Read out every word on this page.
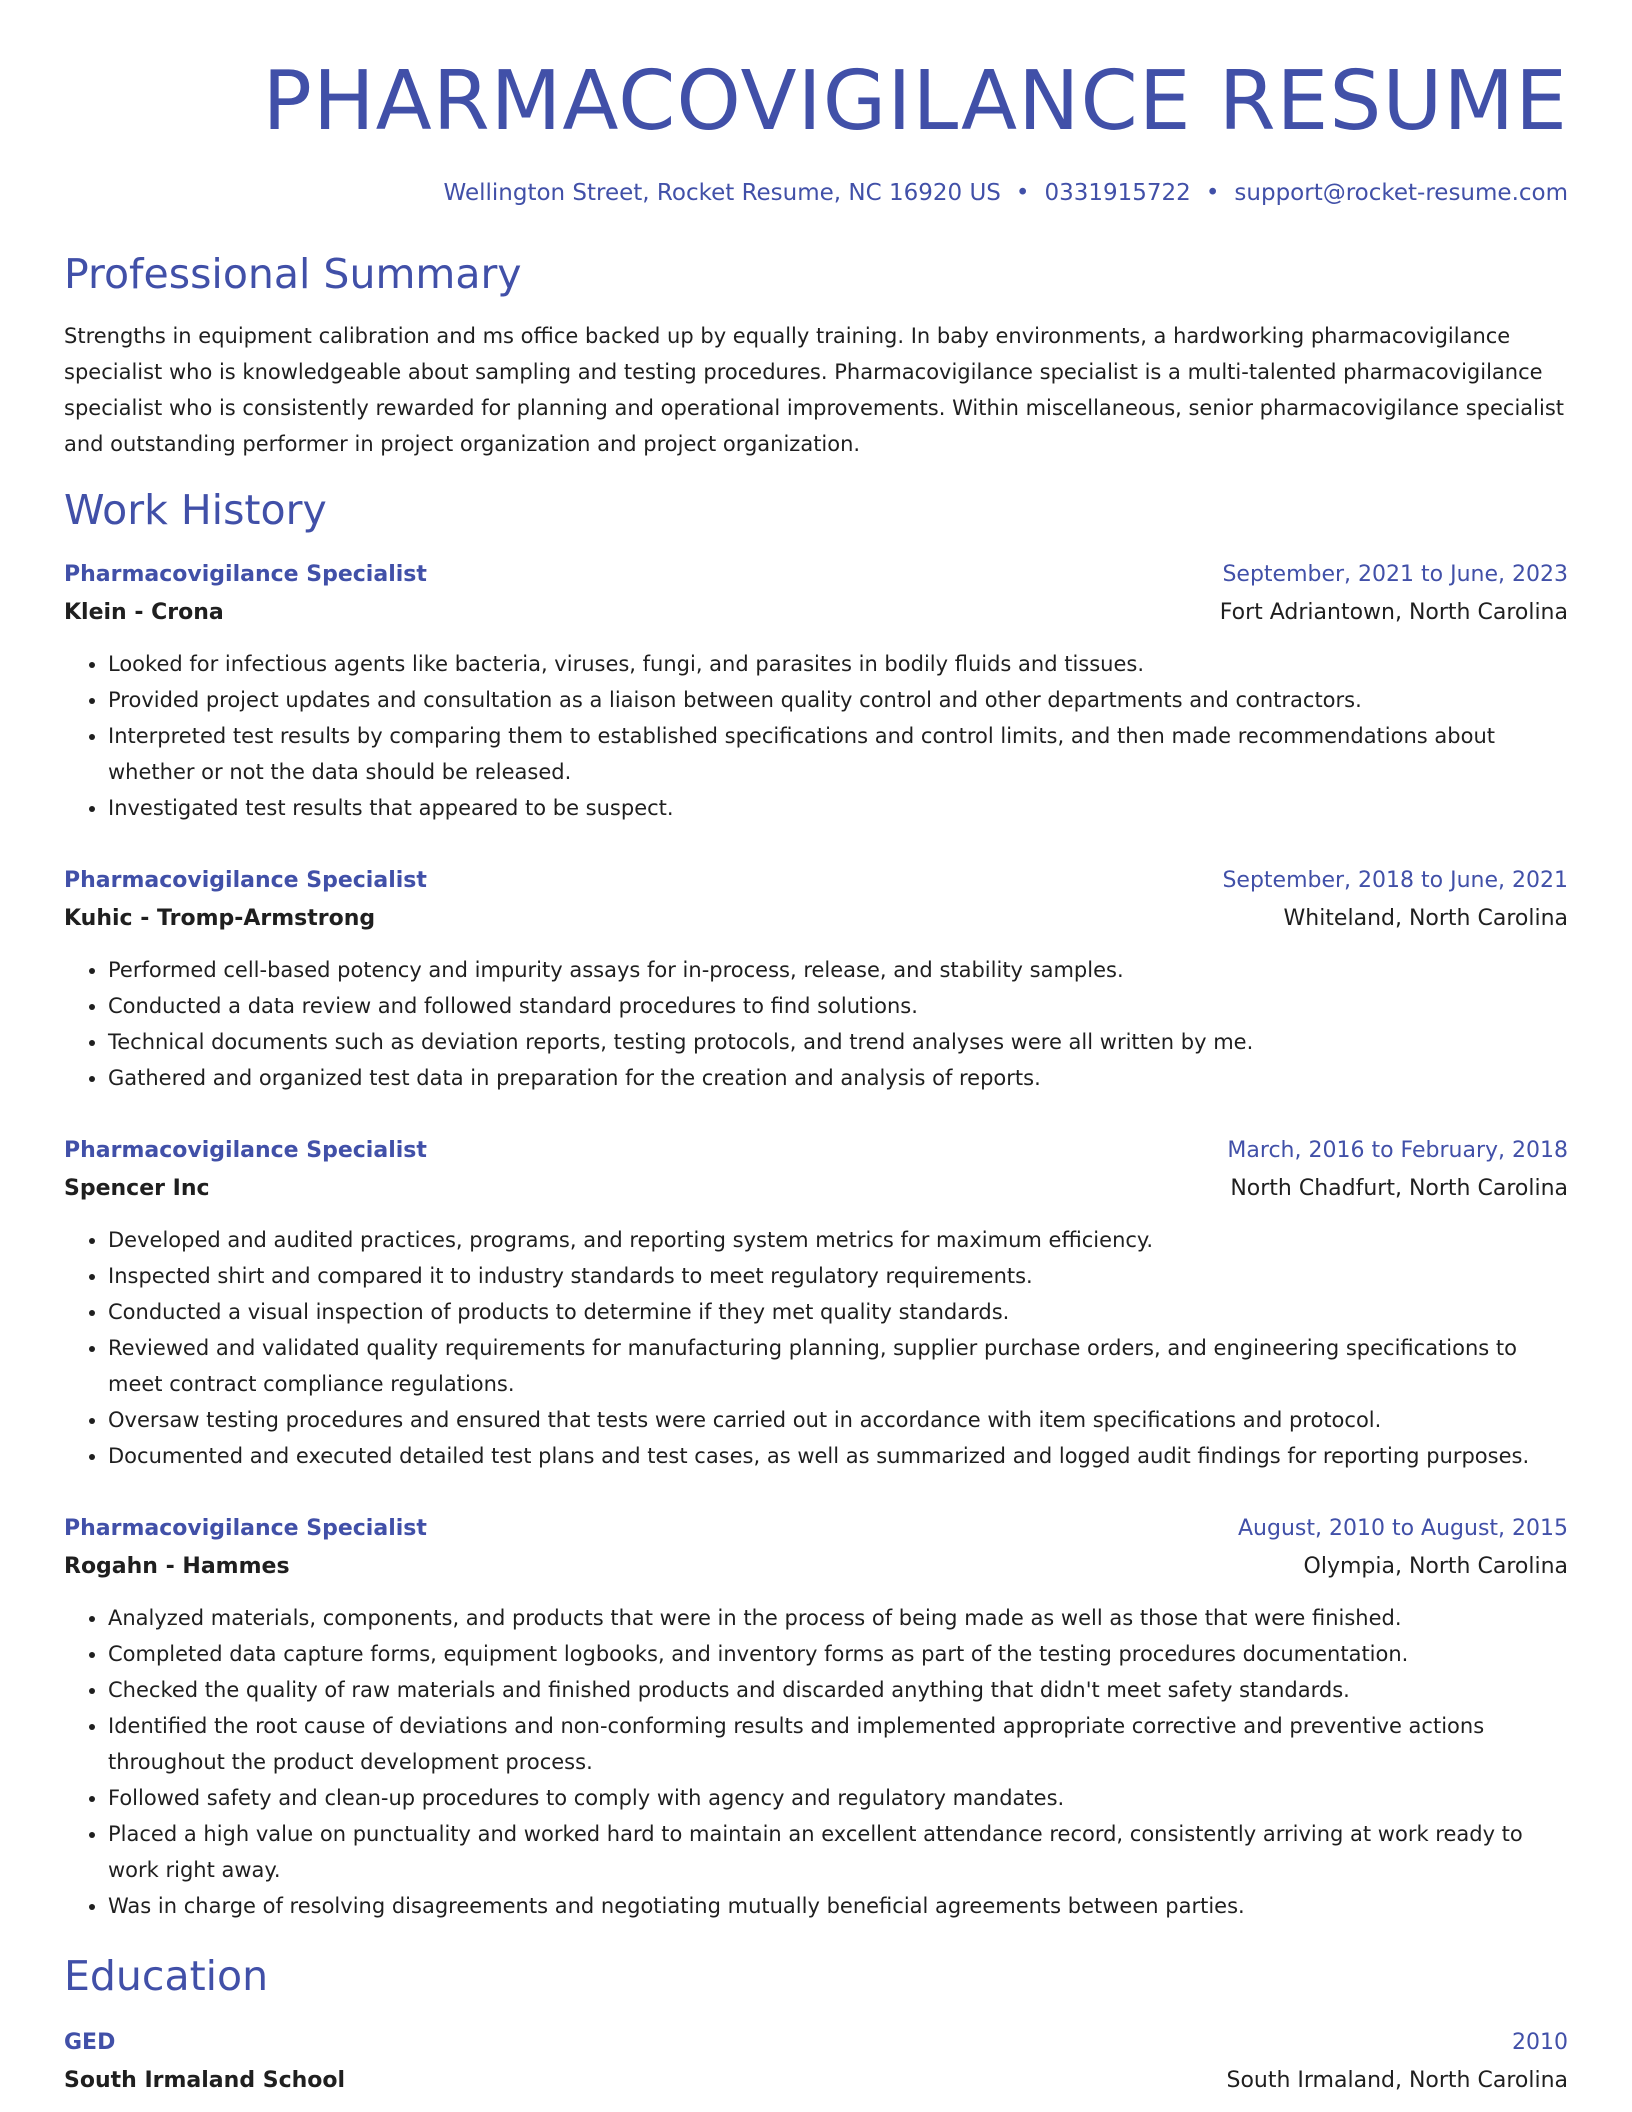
PHARMACOVIGILANCE RESUME
Wellington Street, Rocket Resume, NC 16920 US • 0331915722 • support@rocket-resume.com
Professional Summary
Strengths in equipment calibration and ms office backed up by equally training. In baby environments, a hardworking pharmacovigilance specialist who is knowledgeable about sampling and testing procedures. Pharmacovigilance specialist is a multi-talented pharmacovigilance specialist who is consistently rewarded for planning and operational improvements. Within miscellaneous, senior pharmacovigilance specialist and outstanding performer in project organization and project organization.
Work History
Pharmacovigilance Specialist	September, 2021 to June, 2023
Klein - Crona	Fort Adriantown, North Carolina
• Looked for infectious agents like bacteria, viruses, fungi, and parasites in bodily fluids and tissues.
• Provided project updates and consultation as a liaison between quality control and other departments and contractors.
• Interpreted test results by comparing them to established specifications and control limits, and then made recommendations about whether or not the data should be released.
• Investigated test results that appeared to be suspect.
Pharmacovigilance Specialist	September, 2018 to June, 2021
Kuhic - Tromp-Armstrong	Whiteland, North Carolina
• Performed cell-based potency and impurity assays for in-process, release, and stability samples.
• Conducted a data review and followed standard procedures to find solutions.
• Technical documents such as deviation reports, testing protocols, and trend analyses were all written by me.
• Gathered and organized test data in preparation for the creation and analysis of reports.
Pharmacovigilance Specialist	March, 2016 to February, 2018
Spencer Inc	North Chadfurt, North Carolina
• Developed and audited practices, programs, and reporting system metrics for maximum efficiency.
• Inspected shirt and compared it to industry standards to meet regulatory requirements.
• Conducted a visual inspection of products to determine if they met quality standards.
• Reviewed and validated quality requirements for manufacturing planning, supplier purchase orders, and engineering specifications to meet contract compliance regulations.
• Oversaw testing procedures and ensured that tests were carried out in accordance with item specifications and protocol.
• Documented and executed detailed test plans and test cases, as well as summarized and logged audit findings for reporting purposes.
Pharmacovigilance Specialist	August, 2010 to August, 2015
Rogahn - Hammes	Olympia, North Carolina
• Analyzed materials, components, and products that were in the process of being made as well as those that were finished.
• Completed data capture forms, equipment logbooks, and inventory forms as part of the testing procedures documentation.
• Checked the quality of raw materials and finished products and discarded anything that didn't meet safety standards.
• Identified the root cause of deviations and non-conforming results and implemented appropriate corrective and preventive actions throughout the product development process.
• Followed safety and clean-up procedures to comply with agency and regulatory mandates.
• Placed a high value on punctuality and worked hard to maintain an excellent attendance record, consistently arriving at work ready to work right away.
• Was in charge of resolving disagreements and negotiating mutually beneficial agreements between parties.
Education
GED	2010
South Irmaland School	South Irmaland, North Carolina
